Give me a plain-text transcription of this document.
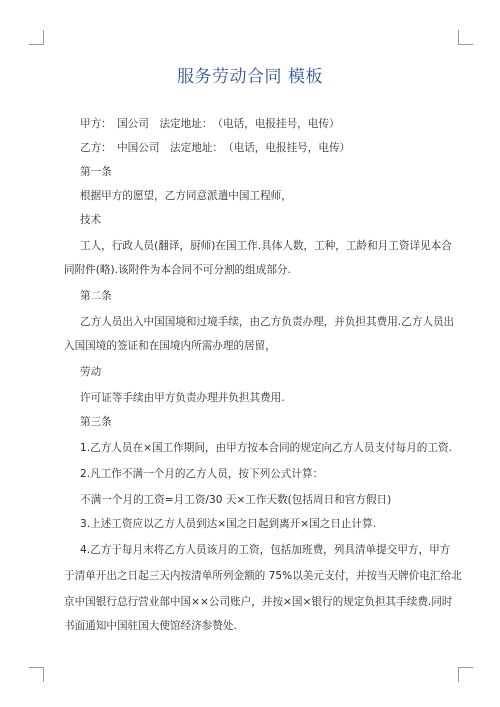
服务劳动合同 模板
甲方：　国公司　法定地址：　（电话，电报挂号，电传）
乙方：　中国公司　法定地址：　（电话，电报挂号，电传）
第一条
根据甲方的愿望，乙方同意派遣中国工程师，
技术
工人，行政人员(翻译，厨师)在国工作.具体人数，工种，工龄和月工资详见本合
同附件(略).该附件为本合同不可分割的组成部分.
第二条
乙方人员出入中国国境和过境手续，由乙方负责办理，并负担其费用.乙方人员出
入国国境的签证和在国境内所需办理的居留，
劳动
许可证等手续由甲方负责办理并负担其费用.
第三条
1.乙方人员在×国工作期间，由甲方按本合同的规定向乙方人员支付每月的工资.
2.凡工作不满一个月的乙方人员，按下列公式计算：
不满一个月的工资=月工资/30 天×工作天数(包括周日和官方假日)
3.上述工资应以乙方人员到达×国之日起到离开×国之日止计算.
4.乙方于每月末将乙方人员该月的工资，包括加班费，列具清单提交甲方，甲方
于清单开出之日起三天内按清单所列金额的 75%以美元支付，并按当天牌价电汇给北
京中国银行总行营业部中国××公司账户，并按×国×银行的规定负担其手续费.同时
书面通知中国驻国大使馆经济参赞处.
